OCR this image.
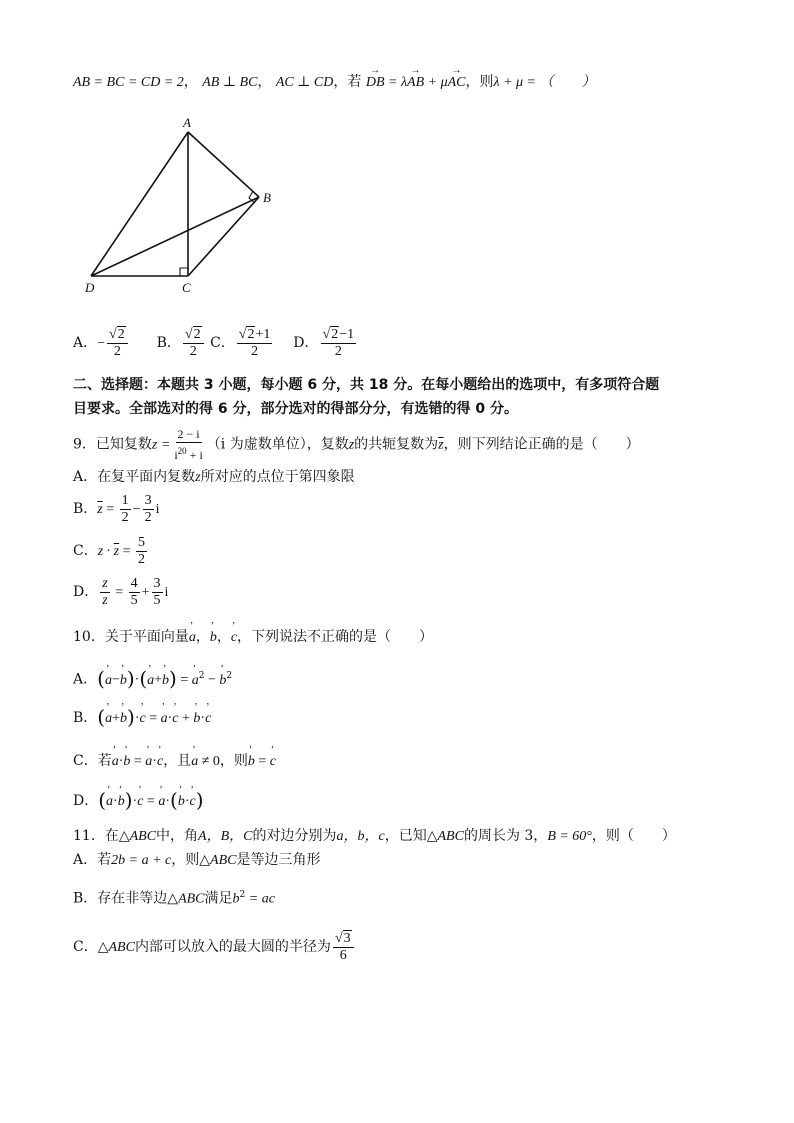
AB = BC = CD = 2， AB ⊥ BC， AC ⊥ CD，若 → DB = λ→ AB + μ→ AC，则λ + μ = （　　）
A
B
C
D
A．− $\frac{√2}{2}$ B． $\frac{√2}{2}$ C． $\frac{√2+1}{2}$ D． $\frac{√2-1}{2}$
二、选择题：本题共 3 小题，每小题 6 分，共 18 分。在每小题给出的选项中，有多项符合题
目要求。全部选对的得 6 分，部分选对的得部分分，有选错的得 0 分。
9．已知复数$z = \frac{2 - i}{i^{20} + i} (i$ 为虚数单位），复数z的共轭复数为$\overline{z}$，则下列结论正确的是（　　）
A．在复平面内复数z所对应的点位于第四象限
B．$\overline{z} = \frac{1}{2} - \frac{3}{2}$ i
C．$z \cdot \overline{z} = \frac{5}{2}$
D． $\frac{z}{z} = \frac{4}{5} + \frac{3}{5}$ i
10．关于平面向量’ a，’ b，’ c，下列说法不正确的是（　　）
A．(’ a−’ b)·(’ a+’ b) = ’ $a^2$ − ’ $b^2$
B．(’ a+’ b)·’ c = ’ a·’ c + ’ b·’ c
C．若’ a·’ b = ’ a·’ c，且’ a ≠ 0，则’ b = ’ c
D．(’ a·’ b)·’ c = ’ a·(’ b·’ c)
11．在△ABC中，角A，B，C的对边分别为a，b，c，已知△ABC的周长为 3，B = 60°，则（　　）
A．若2b = a + c，则△ABC是等边三角形
B．存在非等边△ABC满足$b^2$ = ac
C．△ABC内部可以放入的最大圆的半径为 $\frac{√3}{6}$
